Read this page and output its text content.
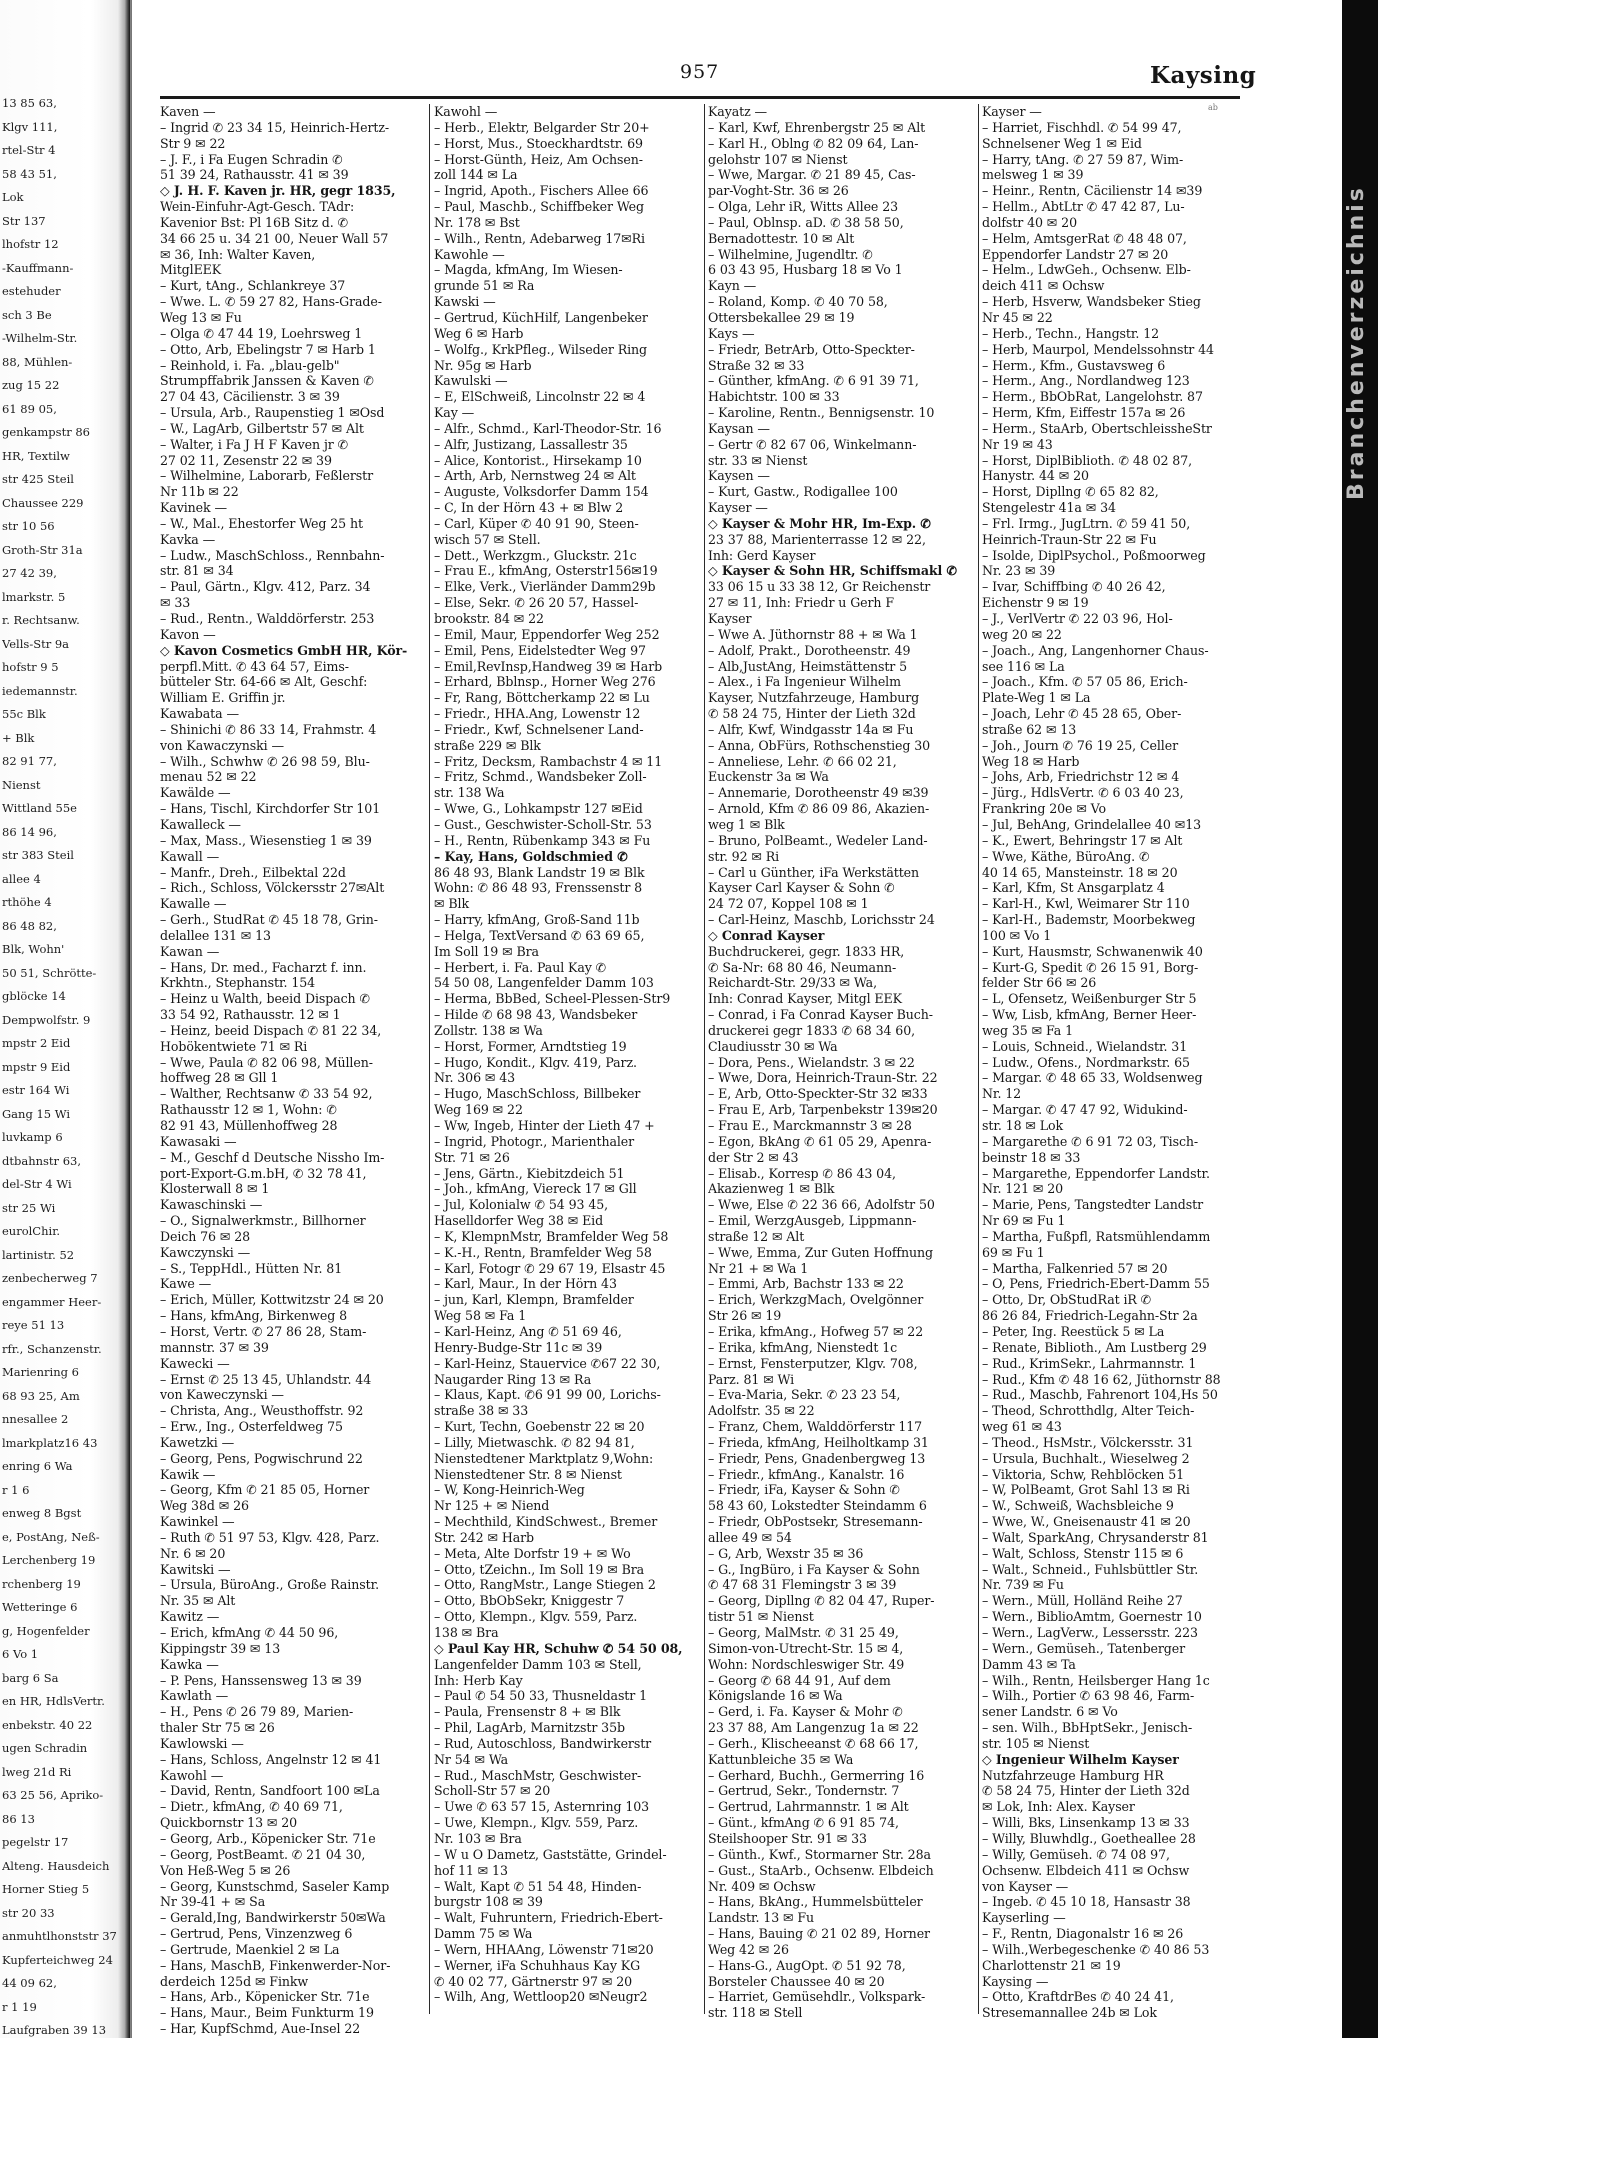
13 85 63,
Klgv 111,
rtel-Str 4
58 43 51,
Lok
Str 137
lhofstr 12
-Kauffmann-
estehuder
sch 3 Be
-Wilhelm-Str.
88, Mühlen-
zug 15 22
61 89 05,
genkampstr 86
HR, Textilw
str 425 Steil
Chaussee 229
str 10 56
Groth-Str 31a
27 42 39,
lmarkstr. 5
r. Rechtsanw.
Vells-Str 9a
hofstr 9 5
iedemannstr.
55c Blk
+ Blk
82 91 77,
Nienst
Wittland 55e
86 14 96,
str 383 Steil
allee 4
rthöhe 4
86 48 82,
Blk, Wohn'
50 51, Schrötte-
gblöcke 14
Dempwolfstr. 9
mpstr 2 Eid
mpstr 9 Eid
estr 164 Wi
Gang 15 Wi
luvkamp 6
dtbahnstr 63,
del-Str 4 Wi
str 25 Wi
eurolChir.
lartinistr. 52
zenbecherweg 7
engammer Heer-
reye 51 13
rfr., Schanzenstr.
Marienring 6
68 93 25, Am
nnesallee 2
lmarkplatz16 43
enring 6 Wa
r 1 6
enweg 8 Bgst
e, PostAng, Neß-
Lerchenberg 19
rchenberg 19
Wetteringe 6
g, Hogenfelder
6 Vo 1
barg 6 Sa
en HR, HdlsVertr.
enbekstr. 40 22
ugen Schradin
lweg 21d Ri
63 25 56, Apriko-
86 13
pegelstr 17
Alteng. Hausdeich
Horner Stieg 5
str 20 33
anmuhtlhonststr 37
Kupferteichweg 24
44 09 62,
r 1 19
Laufgraben 39 13
957	Kaysing
ab
Kaven —
– Ingrid ✆ 23 34 15, Heinrich-Hertz-
Str 9 ✉ 22
– J. F., i Fa Eugen Schradin ✆
51 39 24, Rathausstr. 41 ✉ 39
◇ J. H. F. Kaven jr. HR, gegr 1835,
Wein-Einfuhr-Agt-Gesch. TAdr:
Kavenior Bst: Pl 16B Sitz d. ✆
34 66 25 u. 34 21 00, Neuer Wall 57
✉ 36, Inh: Walter Kaven,
MitglEEK
– Kurt, tAng., Schlankreye 37
– Wwe. L. ✆ 59 27 82, Hans-Grade-
Weg 13 ✉ Fu
– Olga ✆ 47 44 19, Loehrsweg 1
– Otto, Arb, Ebelingstr 7 ✉ Harb 1
– Reinhold, i. Fa. „blau-gelb"
Strumpffabrik Janssen & Kaven ✆
27 04 43, Cäcilienstr. 3 ✉ 39
– Ursula, Arb., Raupenstieg 1 ✉Osd
– W., LagArb, Gilbertstr 57 ✉ Alt
– Walter, i Fa J H F Kaven jr ✆
27 02 11, Zesenstr 22 ✉ 39
– Wilhelmine, Laborarb, Feßlerstr
Nr 11b ✉ 22
Kavinek —
– W., Mal., Ehestorfer Weg 25 ht
Kavka —
– Ludw., MaschSchloss., Rennbahn-
str. 81 ✉ 34
– Paul, Gärtn., Klgv. 412, Parz. 34
✉ 33
– Rud., Rentn., Walddörferstr. 253
Kavon —
◇ Kavon Cosmetics GmbH HR, Kör-
perpfl.Mitt. ✆ 43 64 57, Eims-
bütteler Str. 64-66 ✉ Alt, Geschf:
William E. Griffin jr.
Kawabata —
– Shinichi ✆ 86 33 14, Frahmstr. 4
von Kawaczynski —
– Wilh., Schwhw ✆ 26 98 59, Blu-
menau 52 ✉ 22
Kawälde —
– Hans, Tischl, Kirchdorfer Str 101
Kawalleck —
– Max, Mass., Wiesenstieg 1 ✉ 39
Kawall —
– Manfr., Dreh., Eilbektal 22d
– Rich., Schloss, Völckersstr 27✉Alt
Kawalle —
– Gerh., StudRat ✆ 45 18 78, Grin-
delallee 131 ✉ 13
Kawan —
– Hans, Dr. med., Facharzt f. inn.
Krkhtn., Stephanstr. 154
– Heinz u Walth, beeid Dispach ✆
33 54 92, Rathausstr. 12 ✉ 1
– Heinz, beeid Dispach ✆ 81 22 34,
Hobökentwiete 71 ✉ Ri
– Wwe, Paula ✆ 82 06 98, Müllen-
hoffweg 28 ✉ Gll 1
– Walther, Rechtsanw ✆ 33 54 92,
Rathausstr 12 ✉ 1, Wohn: ✆
82 91 43, Müllenhoffweg 28
Kawasaki —
– M., Geschf d Deutsche Nissho Im-
port-Export-G.m.bH, ✆ 32 78 41,
Klosterwall 8 ✉ 1
Kawaschinski —
– O., Signalwerkmstr., Billhorner
Deich 76 ✉ 28
Kawczynski —
– S., TeppHdl., Hütten Nr. 81
Kawe —
– Erich, Müller, Kottwitzstr 24 ✉ 20
– Hans, kfmAng, Birkenweg 8
– Horst, Vertr. ✆ 27 86 28, Stam-
mannstr. 37 ✉ 39
Kawecki —
– Ernst ✆ 25 13 45, Uhlandstr. 44
von Kaweczynski —
– Christa, Ang., Weusthoffstr. 92
– Erw., Ing., Osterfeldweg 75
Kawetzki —
– Georg, Pens, Pogwischrund 22
Kawik —
– Georg, Kfm ✆ 21 85 05, Horner
Weg 38d ✉ 26
Kawinkel —
– Ruth ✆ 51 97 53, Klgv. 428, Parz.
Nr. 6 ✉ 20
Kawitski —
– Ursula, BüroAng., Große Rainstr.
Nr. 35 ✉ Alt
Kawitz —
– Erich, kfmAng ✆ 44 50 96,
Kippingstr 39 ✉ 13
Kawka —
– P. Pens, Hanssensweg 13 ✉ 39
Kawlath —
– H., Pens ✆ 26 79 89, Marien-
thaler Str 75 ✉ 26
Kawlowski —
– Hans, Schloss, Angelnstr 12 ✉ 41
Kawohl —
– David, Rentn, Sandfoort 100 ✉La
– Dietr., kfmAng, ✆ 40 69 71,
Quickbornstr 13 ✉ 20
– Georg, Arb., Köpenicker Str. 71e
– Georg, PostBeamt. ✆ 21 04 30,
Von Heß-Weg 5 ✉ 26
– Georg, Kunstschmd, Saseler Kamp
Nr 39-41 + ✉ Sa
– Gerald,Ing, Bandwirkerstr 50✉Wa
– Gertrud, Pens, Vinzenzweg 6
– Gertrude, Maenkiel 2 ✉ La
– Hans, MaschB, Finkenwerder-Nor-
derdeich 125d ✉ Finkw
– Hans, Arb., Köpenicker Str. 71e
– Hans, Maur., Beim Funkturm 19
– Har, KupfSchmd, Aue-Insel 22
Kawohl —
– Herb., Elektr, Belgarder Str 20+
– Horst, Mus., Stoeckhardtstr. 69
– Horst-Günth, Heiz, Am Ochsen-
zoll 144 ✉ La
– Ingrid, Apoth., Fischers Allee 66
– Paul, Maschb., Schiffbeker Weg
Nr. 178 ✉ Bst
– Wilh., Rentn, Adebarweg 17✉Ri
Kawohle —
– Magda, kfmAng, Im Wiesen-
grunde 51 ✉ Ra
Kawski —
– Gertrud, KüchHilf, Langenbeker
Weg 6 ✉ Harb
– Wolfg., KrkPfleg., Wilseder Ring
Nr. 95g ✉ Harb
Kawulski —
– E, ElSchweiß, Lincolnstr 22 ✉ 4
Kay —
– Alfr., Schmd., Karl-Theodor-Str. 16
– Alfr, Justizang, Lassallestr 35
– Alice, Kontorist., Hirsekamp 10
– Arth, Arb, Nernstweg 24 ✉ Alt
– Auguste, Volksdorfer Damm 154
– C, In der Hörn 43 + ✉ Blw 2
– Carl, Küper ✆ 40 91 90, Steen-
wisch 57 ✉ Stell.
– Dett., Werkzgm., Gluckstr. 21c
– Frau E., kfmAng, Osterstr156✉19
– Elke, Verk., Vierländer Damm29b
– Else, Sekr. ✆ 26 20 57, Hassel-
brookstr. 84 ✉ 22
– Emil, Maur, Eppendorfer Weg 252
– Emil, Pens, Eidelstedter Weg 97
– Emil,RevInsp,Handweg 39 ✉ Harb
– Erhard, Bblnsp., Horner Weg 276
– Fr, Rang, Böttcherkamp 22 ✉ Lu
– Friedr., HHA.Ang, Lowenstr 12
– Friedr., Kwf, Schnelsener Land-
straße 229 ✉ Blk
– Fritz, Decksm, Rambachstr 4 ✉ 11
– Fritz, Schmd., Wandsbeker Zoll-
str. 138 Wa
– Wwe, G., Lohkampstr 127 ✉Eid
– Gust., Geschwister-Scholl-Str. 53
– H., Rentn, Rübenkamp 343 ✉ Fu
– Kay, Hans, Goldschmied ✆
86 48 93, Blank Landstr 19 ✉ Blk
Wohn: ✆ 86 48 93, Frenssenstr 8
✉ Blk
– Harry, kfmAng, Groß-Sand 11b
– Helga, TextVersand ✆ 63 69 65,
Im Soll 19 ✉ Bra
– Herbert, i. Fa. Paul Kay ✆
54 50 08, Langenfelder Damm 103
– Herma, BbBed, Scheel-Plessen-Str9
– Hilde ✆ 68 98 43, Wandsbeker
Zollstr. 138 ✉ Wa
– Horst, Former, Arndtstieg 19
– Hugo, Kondit., Klgv. 419, Parz.
Nr. 306 ✉ 43
– Hugo, MaschSchloss, Billbeker
Weg 169 ✉ 22
– Ww, Ingeb, Hinter der Lieth 47 +
– Ingrid, Photogr., Marienthaler
Str. 71 ✉ 26
– Jens, Gärtn., Kiebitzdeich 51
– Joh., kfmAng, Viereck 17 ✉ Gll
– Jul, Kolonialw ✆ 54 93 45,
Haselldorfer Weg 38 ✉ Eid
– K, KlempnMstr, Bramfelder Weg 58
– K.-H., Rentn, Bramfelder Weg 58
– Karl, Fotogr ✆ 29 67 19, Elsastr 45
– Karl, Maur., In der Hörn 43
– jun, Karl, Klempn, Bramfelder
Weg 58 ✉ Fa 1
– Karl-Heinz, Ang ✆ 51 69 46,
Henry-Budge-Str 11c ✉ 39
– Karl-Heinz, Stauervice ✆67 22 30,
Naugarder Ring 13 ✉ Ra
– Klaus, Kapt. ✆6 91 99 00, Lorichs-
straße 38 ✉ 33
– Kurt, Techn, Goebenstr 22 ✉ 20
– Lilly, Mietwaschk. ✆ 82 94 81,
Nienstedtener Marktplatz 9,Wohn:
Nienstedtener Str. 8 ✉ Nienst
– W, Kong-Heinrich-Weg
Nr 125 + ✉ Niend
– Mechthild, KindSchwest., Bremer
Str. 242 ✉ Harb
– Meta, Alte Dorfstr 19 + ✉ Wo
– Otto, tZeichn., Im Soll 19 ✉ Bra
– Otto, RangMstr., Lange Stiegen 2
– Otto, BbObSekr, Kniggestr 7
– Otto, Klempn., Klgv. 559, Parz.
138 ✉ Bra
◇ Paul Kay HR, Schuhw ✆ 54 50 08,
Langenfelder Damm 103 ✉ Stell,
Inh: Herb Kay
– Paul ✆ 54 50 33, Thusneldastr 1
– Paula, Frensenstr 8 + ✉ Blk
– Phil, LagArb, Marnitzstr 35b
– Rud, Autoschloss, Bandwirkerstr
Nr 54 ✉ Wa
– Rud., MaschMstr, Geschwister-
Scholl-Str 57 ✉ 20
– Uwe ✆ 63 57 15, Asternring 103
– Uwe, Klempn., Klgv. 559, Parz.
Nr. 103 ✉ Bra
– W u O Dametz, Gaststätte, Grindel-
hof 11 ✉ 13
– Walt, Kapt ✆ 51 54 48, Hinden-
burgstr 108 ✉ 39
– Walt, Fuhruntern, Friedrich-Ebert-
Damm 75 ✉ Wa
– Wern, HHAAng, Löwenstr 71✉20
– Werner, iFa Schuhhaus Kay KG
✆ 40 02 77, Gärtnerstr 97 ✉ 20
– Wilh, Ang, Wettloop20 ✉Neugr2
Kayatz —
– Karl, Kwf, Ehrenbergstr 25 ✉ Alt
– Karl H., Oblng ✆ 82 09 64, Lan-
gelohstr 107 ✉ Nienst
– Wwe, Margar. ✆ 21 89 45, Cas-
par-Voght-Str. 36 ✉ 26
– Olga, Lehr iR, Witts Allee 23
– Paul, Oblnsp. aD. ✆ 38 58 50,
Bernadottestr. 10 ✉ Alt
– Wilhelmine, Jugendltr. ✆
6 03 43 95, Husbarg 18 ✉ Vo 1
Kayn —
– Roland, Komp. ✆ 40 70 58,
Ottersbekallee 29 ✉ 19
Kays —
– Friedr, BetrArb, Otto-Speckter-
Straße 32 ✉ 33
– Günther, kfmAng. ✆ 6 91 39 71,
Habichtstr. 100 ✉ 33
– Karoline, Rentn., Bennigsenstr. 10
Kaysan —
– Gertr ✆ 82 67 06, Winkelmann-
str. 33 ✉ Nienst
Kaysen —
– Kurt, Gastw., Rodigallee 100
Kayser —
◇ Kayser & Mohr HR, Im-Exp. ✆
23 37 88, Marienterrasse 12 ✉ 22,
Inh: Gerd Kayser
◇ Kayser & Sohn HR, Schiffsmakl ✆
33 06 15 u 33 38 12, Gr Reichenstr
27 ✉ 11, Inh: Friedr u Gerh F
Kayser
– Wwe A. Jüthornstr 88 + ✉ Wa 1
– Adolf, Prakt., Dorotheenstr. 49
– Alb,JustAng, Heimstättenstr 5
– Alex., i Fa Ingenieur Wilhelm
Kayser, Nutzfahrzeuge, Hamburg
✆ 58 24 75, Hinter der Lieth 32d
– Alfr, Kwf, Windgasstr 14a ✉ Fu
– Anna, ObFürs, Rothschenstieg 30
– Anneliese, Lehr. ✆ 66 02 21,
Euckenstr 3a ✉ Wa
– Annemarie, Dorotheenstr 49 ✉39
– Arnold, Kfm ✆ 86 09 86, Akazien-
weg 1 ✉ Blk
– Bruno, PolBeamt., Wedeler Land-
str. 92 ✉ Ri
– Carl u Günther, iFa Werkstätten
Kayser Carl Kayser & Sohn ✆
24 72 07, Koppel 108 ✉ 1
– Carl-Heinz, Maschb, Lorichsstr 24
◇ Conrad Kayser
Buchdruckerei, gegr. 1833 HR,
✆ Sa-Nr: 68 80 46, Neumann-
Reichardt-Str. 29/33 ✉ Wa,
Inh: Conrad Kayser, Mitgl EEK
– Conrad, i Fa Conrad Kayser Buch-
druckerei gegr 1833 ✆ 68 34 60,
Claudiusstr 30 ✉ Wa
– Dora, Pens., Wielandstr. 3 ✉ 22
– Wwe, Dora, Heinrich-Traun-Str. 22
– E, Arb, Otto-Speckter-Str 32 ✉33
– Frau E, Arb, Tarpenbekstr 139✉20
– Frau E., Marckmannstr 3 ✉ 28
– Egon, BkAng ✆ 61 05 29, Apenra-
der Str 2 ✉ 43
– Elisab., Korresp ✆ 86 43 04,
Akazienweg 1 ✉ Blk
– Wwe, Else ✆ 22 36 66, Adolfstr 50
– Emil, WerzgAusgeb, Lippmann-
straße 12 ✉ Alt
– Wwe, Emma, Zur Guten Hoffnung
Nr 21 + ✉ Wa 1
– Emmi, Arb, Bachstr 133 ✉ 22
– Erich, WerkzgMach, Ovelgönner
Str 26 ✉ 19
– Erika, kfmAng., Hofweg 57 ✉ 22
– Erika, kfmAng, Nienstedt 1c
– Ernst, Fensterputzer, Klgv. 708,
Parz. 81 ✉ Wi
– Eva-Maria, Sekr. ✆ 23 23 54,
Adolfstr. 35 ✉ 22
– Franz, Chem, Walddörferstr 117
– Frieda, kfmAng, Heilholtkamp 31
– Friedr, Pens, Gnadenbergweg 13
– Friedr., kfmAng., Kanalstr. 16
– Friedr, iFa, Kayser & Sohn ✆
58 43 60, Lokstedter Steindamm 6
– Friedr, ObPostsekr, Stresemann-
allee 49 ✉ 54
– G, Arb, Wexstr 35 ✉ 36
– G., IngBüro, i Fa Kayser & Sohn
✆ 47 68 31 Flemingstr 3 ✉ 39
– Georg, Dipllng ✆ 82 04 47, Ruper-
tistr 51 ✉ Nienst
– Georg, MalMstr. ✆ 31 25 49,
Simon-von-Utrecht-Str. 15 ✉ 4,
Wohn: Nordschleswiger Str. 49
– Georg ✆ 68 44 91, Auf dem
Königslande 16 ✉ Wa
– Gerd, i. Fa. Kayser & Mohr ✆
23 37 88, Am Langenzug 1a ✉ 22
– Gerh., Klischeeanst ✆ 68 66 17,
Kattunbleiche 35 ✉ Wa
– Gerhard, Buchh., Germerring 16
– Gertrud, Sekr., Tondernstr. 7
– Gertrud, Lahrmannstr. 1 ✉ Alt
– Günt., kfmAng ✆ 6 91 85 74,
Steilshooper Str. 91 ✉ 33
– Günth., Kwf., Stormarner Str. 28a
– Gust., StaArb., Ochsenw. Elbdeich
Nr. 409 ✉ Ochsw
– Hans, BkAng., Hummelsbütteler
Landstr. 13 ✉ Fu
– Hans, Bauing ✆ 21 02 89, Horner
Weg 42 ✉ 26
– Hans-G., AugOpt. ✆ 51 92 78,
Borsteler Chaussee 40 ✉ 20
– Harriet, Gemüsehdlr., Volkspark-
str. 118 ✉ Stell
Kayser —
– Harriet, Fischhdl. ✆ 54 99 47,
Schnelsener Weg 1 ✉ Eid
– Harry, tAng. ✆ 27 59 87, Wim-
melsweg 1 ✉ 39
– Heinr., Rentn, Cäcilienstr 14 ✉39
– Hellm., AbtLtr ✆ 47 42 87, Lu-
dolfstr 40 ✉ 20
– Helm, AmtsgerRat ✆ 48 48 07,
Eppendorfer Landstr 27 ✉ 20
– Helm., LdwGeh., Ochsenw. Elb-
deich 411 ✉ Ochsw
– Herb, Hsverw, Wandsbeker Stieg
Nr 45 ✉ 22
– Herb., Techn., Hangstr. 12
– Herb, Maurpol, Mendelssohnstr 44
– Herm., Kfm., Gustavsweg 6
– Herm., Ang., Nordlandweg 123
– Herm., BbObRat, Langelohstr. 87
– Herm, Kfm, Eiffestr 157a ✉ 26
– Herm., StaArb, ObertschleissheStr
Nr 19 ✉ 43
– Horst, DiplBiblioth. ✆ 48 02 87,
Hanystr. 44 ✉ 20
– Horst, Dipllng ✆ 65 82 82,
Stengelestr 41a ✉ 34
– Frl. Irmg., JugLtrn. ✆ 59 41 50,
Heinrich-Traun-Str 22 ✉ Fu
– Isolde, DiplPsychol., Poßmoorweg
Nr. 23 ✉ 39
– Ivar, Schiffbing ✆ 40 26 42,
Eichenstr 9 ✉ 19
– J., VerlVertr ✆ 22 03 96, Hol-
weg 20 ✉ 22
– Joach., Ang, Langenhorner Chaus-
see 116 ✉ La
– Joach., Kfm. ✆ 57 05 86, Erich-
Plate-Weg 1 ✉ La
– Joach, Lehr ✆ 45 28 65, Ober-
straße 62 ✉ 13
– Joh., Journ ✆ 76 19 25, Celler
Weg 18 ✉ Harb
– Johs, Arb, Friedrichstr 12 ✉ 4
– Jürg., HdlsVertr. ✆ 6 03 40 23,
Frankring 20e ✉ Vo
– Jul, BehAng, Grindelallee 40 ✉13
– K., Ewert, Behringstr 17 ✉ Alt
– Wwe, Käthe, BüroAng. ✆
40 14 65, Mansteinstr. 18 ✉ 20
– Karl, Kfm, St Ansgarplatz 4
– Karl-H., Kwl, Weimarer Str 110
– Karl-H., Bademstr, Moorbekweg
100 ✉ Vo 1
– Kurt, Hausmstr, Schwanenwik 40
– Kurt-G, Spedit ✆ 26 15 91, Borg-
felder Str 66 ✉ 26
– L, Ofensetz, Weißenburger Str 5
– Ww, Lisb, kfmAng, Berner Heer-
weg 35 ✉ Fa 1
– Louis, Schneid., Wielandstr. 31
– Ludw., Ofens., Nordmarkstr. 65
– Margar. ✆ 48 65 33, Woldsenweg
Nr. 12
– Margar. ✆ 47 47 92, Widukind-
str. 18 ✉ Lok
– Margarethe ✆ 6 91 72 03, Tisch-
beinstr 18 ✉ 33
– Margarethe, Eppendorfer Landstr.
Nr. 121 ✉ 20
– Marie, Pens, Tangstedter Landstr
Nr 69 ✉ Fu 1
– Martha, Fußpfl, Ratsmühlendamm
69 ✉ Fu 1
– Martha, Falkenried 57 ✉ 20
– O, Pens, Friedrich-Ebert-Damm 55
– Otto, Dr, ObStudRat iR ✆
86 26 84, Friedrich-Legahn-Str 2a
– Peter, Ing. Reestück 5 ✉ La
– Renate, Biblioth., Am Lustberg 29
– Rud., KrimSekr., Lahrmannstr. 1
– Rud., Kfm ✆ 48 16 62, Jüthornstr 88
– Rud., Maschb, Fahrenort 104,Hs 50
– Theod, Schrotthdlg, Alter Teich-
weg 61 ✉ 43
– Theod., HsMstr., Völckersstr. 31
– Ursula, Buchhalt., Wieselweg 2
– Viktoria, Schw, Rehblöcken 51
– W, PolBeamt, Grot Sahl 13 ✉ Ri
– W., Schweiß, Wachsbleiche 9
– Wwe, W., Gneisenaustr 41 ✉ 20
– Walt, SparkAng, Chrysanderstr 81
– Walt, Schloss, Stenstr 115 ✉ 6
– Walt., Schneid., Fuhlsbüttler Str.
Nr. 739 ✉ Fu
– Wern., Müll, Holländ Reihe 27
– Wern., BiblioAmtm, Goernestr 10
– Wern., LagVerw., Lessersstr. 223
– Wern., Gemüseh., Tatenberger
Damm 43 ✉ Ta
– Wilh., Rentn, Heilsberger Hang 1c
– Wilh., Portier ✆ 63 98 46, Farm-
sener Landstr. 6 ✉ Vo
– sen. Wilh., BbHptSekr., Jenisch-
str. 105 ✉ Nienst
◇ Ingenieur Wilhelm Kayser
Nutzfahrzeuge Hamburg HR
✆ 58 24 75, Hinter der Lieth 32d
✉ Lok, Inh: Alex. Kayser
– Willi, Bks, Linsenkamp 13 ✉ 33
– Willy, Bluwhdlg., Goetheallee 28
– Willy, Gemüseh. ✆ 74 08 97,
Ochsenw. Elbdeich 411 ✉ Ochsw
von Kayser —
– Ingeb. ✆ 45 10 18, Hansastr 38
Kayserling —
– F., Rentn, Diagonalstr 16 ✉ 26
– Wilh.,Werbegeschenke ✆ 40 86 53
Charlottenstr 21 ✉ 19
Kaysing —
– Otto, KraftdrBes ✆ 40 24 41,
Stresemannallee 24b ✉ Lok
Branchenverzeichnis
